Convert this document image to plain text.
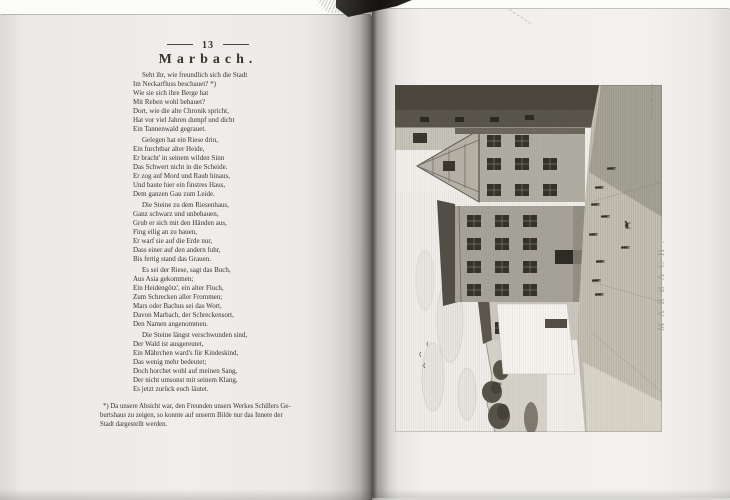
13
Marbach.

Seht ihr, wie freundlich sich die Stadt
Im Neckarfluss beschauet? *)
Wie sie sich ihre Berge hat
Mit Reben wohl bebauet?
Dort, wie die alte Chronik spricht,
Hat vor viel Jahren dumpf und dicht
Ein Tannenwald gegrauet.

Gelegen hat ein Riese drin,
Ein furchtbar alter Heide,
Er bracht' in seinem wilden Sinn
Das Schwert nicht in die Scheide.
Er zog auf Mord und Raub hinaus,
Und baute hier ein finstres Haus,
Dem ganzen Gau zum Leide.

Die Steine zu dem Riesenhaus,
Ganz schwarz und unbehauen,
Grub er sich mit den Händen aus,
Fing eilig an zu bauen,
Er warf sie auf die Erde nur,
Dass einer auf den andern fuhr,
Bis fertig stand das Grauen.

Es sei der Riese, sagt das Buch,
Aus Asia gekommen;
Ein Heidengötz', ein alter Fluch,
Zum Schrecken aller Frommen;
Mars oder Bachus sei das Wort,
Davon Marbach, der Schreckensort,
Den Namen angenommen.

Die Steine längst verschwunden sind,
Der Wald ist ausgereutet,
Ein Mährchen ward's für Kindeskind,
Das wenig mehr bedeutet;
Doch horchet wohl auf meinen Sang,
Der nicht umsonst mit seinem Klang,
Es jetzt zurück euch läutet.

*) Da unsere Absicht war, den Freunden unsers Werkes Schillers Ge-
burtshaus zu zeigen, so konnte auf unserm Bilde nur das Innere der
Stadt dargestellt werden.
MARBACH.
Gest. v. E. Lacey
